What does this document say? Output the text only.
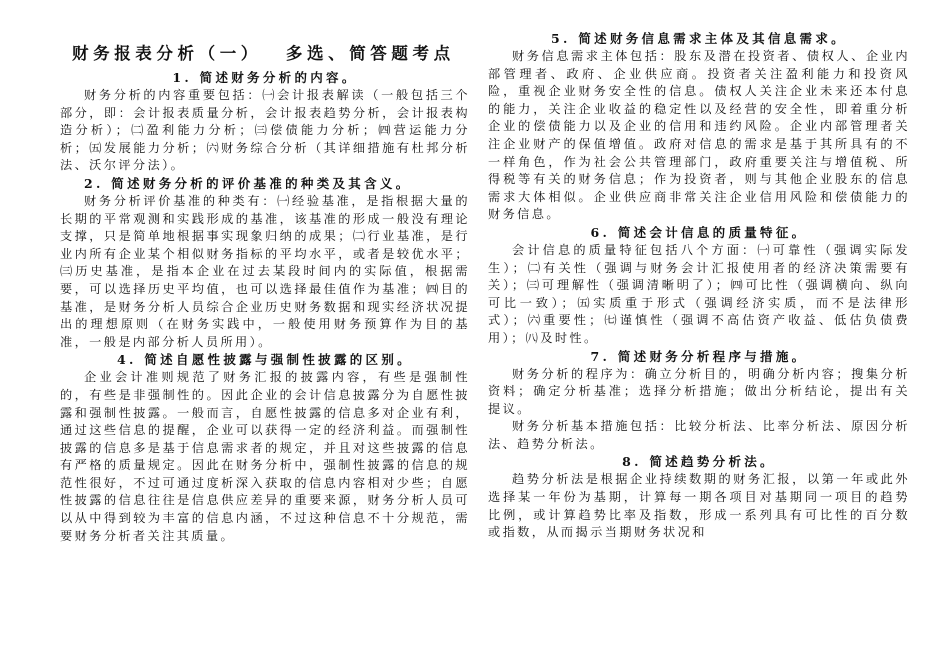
财务报表分析（一） 多选、简答题考点

1. 简述财务分析的内容。

财务分析的内容重要包括：㈠会计报表解读（一般包括三个部分，即：会计报表质量分析，会计报表趋势分析，会计报表构造分析）；㈡盈利能力分析；㈢偿债能力分析；㈣营运能力分析；㈤发展能力分析；㈥财务综合分析（其详细措施有杜邦分析法、沃尔评分法）。

2. 简述财务分析的评价基准的种类及其含义。

财务分析评价基准的种类有：㈠经验基准，是指根据大量的长期的平常观测和实践形成的基准，该基准的形成一般没有理论支撑，只是简单地根据事实现象归纳的成果；㈡行业基准，是行业内所有企业某个相似财务指标的平均水平，或者是较优水平；㈢历史基准，是指本企业在过去某段时间内的实际值，根据需要，可以选择历史平均值，也可以选择最佳值作为基准；㈣目的基准，是财务分析人员综合企业历史财务数据和现实经济状况提出的理想原则（在财务实践中，一般使用财务预算作为目的基准，一般是内部分析人员所用）。

4. 简述自愿性披露与强制性披露的区别。

企业会计准则规范了财务汇报的披露内容，有些是强制性的，有些是非强制性的。因此企业的会计信息披露分为自愿性披露和强制性披露。一般而言，自愿性披露的信息多对企业有利，通过这些信息的提醒，企业可以获得一定的经济利益。而强制性披露的信息多是基于信息需求者的规定，并且对这些披露的信息有严格的质量规定。因此在财务分析中，强制性披露的信息的规范性很好，不过可通过度析深入获取的信息内容相对少些；自愿性披露的信息往往是信息供应差异的重要来源，财务分析人员可以从中得到较为丰富的信息内涵，不过这种信息不十分规范，需要财务分析者关注其质量。

5. 简述财务信息需求主体及其信息需求。

财务信息需求主体包括：股东及潜在投资者、债权人、企业内部管理者、政府、企业供应商。投资者关注盈利能力和投资风险，重视企业财务安全性的信息。债权人关注企业未来还本付息的能力，关注企业收益的稳定性以及经营的安全性，即着重分析企业的偿债能力以及企业的信用和违约风险。企业内部管理者关注企业财产的保值增值。政府对信息的需求是基于其所具有的不一样角色，作为社会公共管理部门，政府重要关注与增值税、所得税等有关的财务信息；作为投资者，则与其他企业股东的信息需求大体相似。企业供应商非常关注企业信用风险和偿债能力的财务信息。

6. 简述会计信息的质量特征。

会计信息的质量特征包括八个方面：㈠可靠性（强调实际发生）；㈡有关性（强调与财务会计汇报使用者的经济决策需要有关）；㈢可理解性（强调清晰明了）；㈣可比性（强调横向、纵向可比一致）；㈤实质重于形式（强调经济实质，而不是法律形式）；㈥重要性；㈦谨慎性（强调不高估资产收益、低估负债费用）；㈧及时性。

7. 简述财务分析程序与措施。

财务分析的程序为：确立分析目的，明确分析内容；搜集分析资料；确定分析基准；选择分析措施；做出分析结论，提出有关提议。

财务分析基本措施包括：比较分析法、比率分析法、原因分析法、趋势分析法。

8. 简述趋势分析法。

趋势分析法是根据企业持续数期的财务汇报，以第一年或此外选择某一年份为基期，计算每一期各项目对基期同一项目的趋势比例，或计算趋势比率及指数，形成一系列具有可比性的百分数或指数，从而揭示当期财务状况和
